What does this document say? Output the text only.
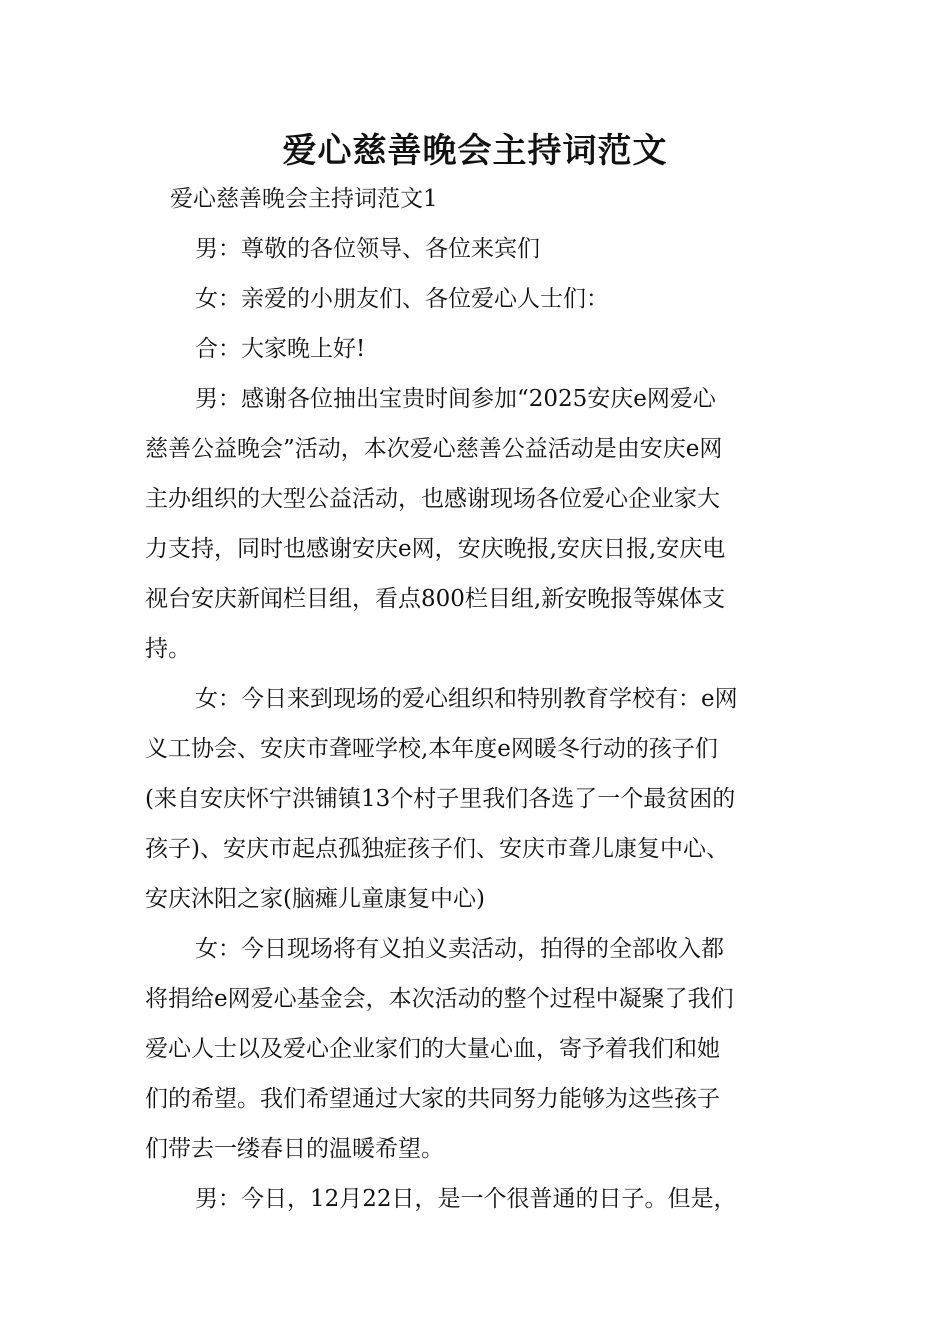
爱心慈善晚会主持词范文

爱心慈善晚会主持词范文1

男：尊敬的各位领导、各位来宾们

女：亲爱的小朋友们、各位爱心人士们：

合：大家晚上好!

男：感谢各位抽出宝贵时间参加“2025安庆e网爱心

慈善公益晚会”活动，本次爱心慈善公益活动是由安庆e网

主办组织的大型公益活动，也感谢现场各位爱心企业家大

力支持，同时也感谢安庆e网，安庆晚报,安庆日报,安庆电

视台安庆新闻栏目组，看点800栏目组,新安晚报等媒体支

持。

女：今日来到现场的爱心组织和特别教育学校有：e网

义工协会、安庆市聋哑学校,本年度e网暖冬行动的孩子们

(来自安庆怀宁洪铺镇13个村子里我们各选了一个最贫困的

孩子)、安庆市起点孤独症孩子们、安庆市聋儿康复中心、

安庆沐阳之家(脑瘫儿童康复中心)

女：今日现场将有义拍义卖活动，拍得的全部收入都

将捐给e网爱心基金会，本次活动的整个过程中凝聚了我们

爱心人士以及爱心企业家们的大量心血，寄予着我们和她

们的希望。我们希望通过大家的共同努力能够为这些孩子

们带去一缕春日的温暖希望。

男：今日，12月22日，是一个很普通的日子。但是，
